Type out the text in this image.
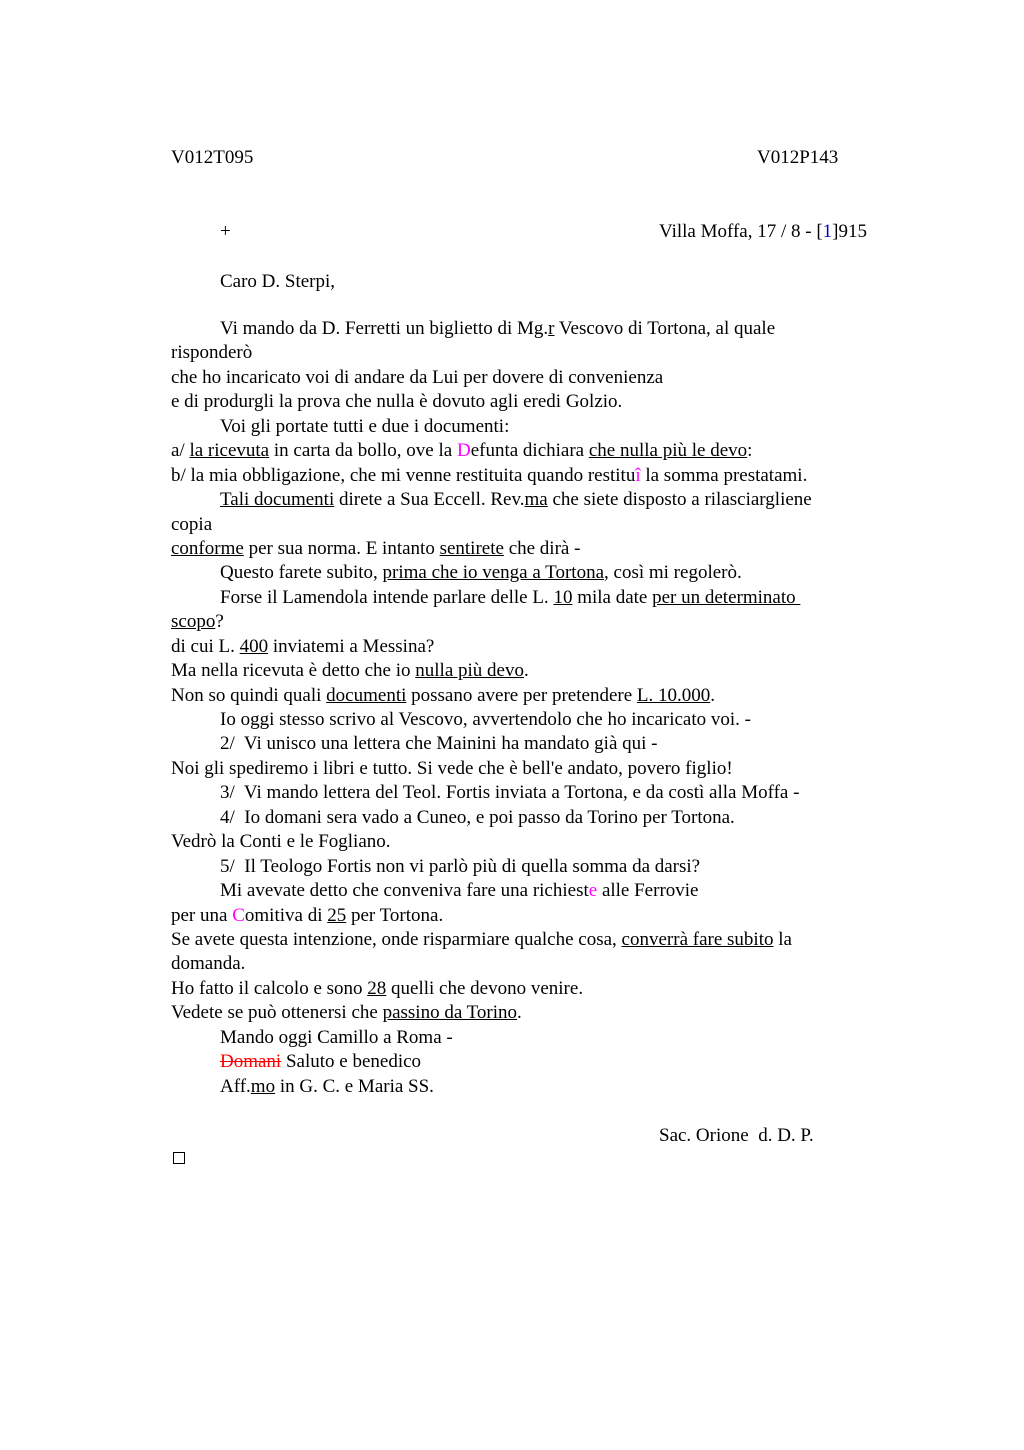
V012T095	V012P143
+	Villa Moffa, 17 / 8 - [1]915
Caro D. Sterpi,
Vi mando da D. Ferretti un biglietto di Mg.r Vescovo di Tortona, al quale
risponderò
che ho incaricato voi di andare da Lui per dovere di convenienza
e di produrgli la prova che nulla è dovuto agli eredi Golzio.
Voi gli portate tutti e due i documenti:
a/ la ricevuta in carta da bollo, ove la Defunta dichiara che nulla più le devo:
b/ la mia obbligazione, che mi venne restituita quando restituî la somma prestatami.
Tali documenti direte a Sua Eccell. Rev.ma che siete disposto a rilasciargliene
copia
conforme per sua norma. E intanto sentirete che dirà -
Questo farete subito, prima che io venga a Tortona, così mi regolerò.
Forse il Lamendola intende parlare delle L. 10 mila date per un determinato
scopo?
di cui L. 400 inviatemi a Messina?
Ma nella ricevuta è detto che io nulla più devo.
Non so quindi quali documenti possano avere per pretendere L. 10.000.
Io oggi stesso scrivo al Vescovo, avvertendolo che ho incaricato voi. -
2/  Vi unisco una lettera che Mainini ha mandato già qui -
Noi gli spediremo i libri e tutto. Si vede che è bell'e andato, povero figlio!
3/  Vi mando lettera del Teol. Fortis inviata a Tortona, e da costì alla Moffa -
4/  Io domani sera vado a Cuneo, e poi passo da Torino per Tortona.
Vedrò la Conti e le Fogliano.
5/  Il Teologo Fortis non vi parlò più di quella somma da darsi?
Mi avevate detto che conveniva fare una richieste alle Ferrovie
per una Comitiva di 25 per Tortona.
Se avete questa intenzione, onde risparmiare qualche cosa, converrà fare subito la
domanda.
Ho fatto il calcolo e sono 28 quelli che devono venire.
Vedete se può ottenersi che passino da Torino.
Mando oggi Camillo a Roma -
Domani Saluto e benedico
Aff.mo in G. C. e Maria SS.
Sac. Orione  d. D. P.
